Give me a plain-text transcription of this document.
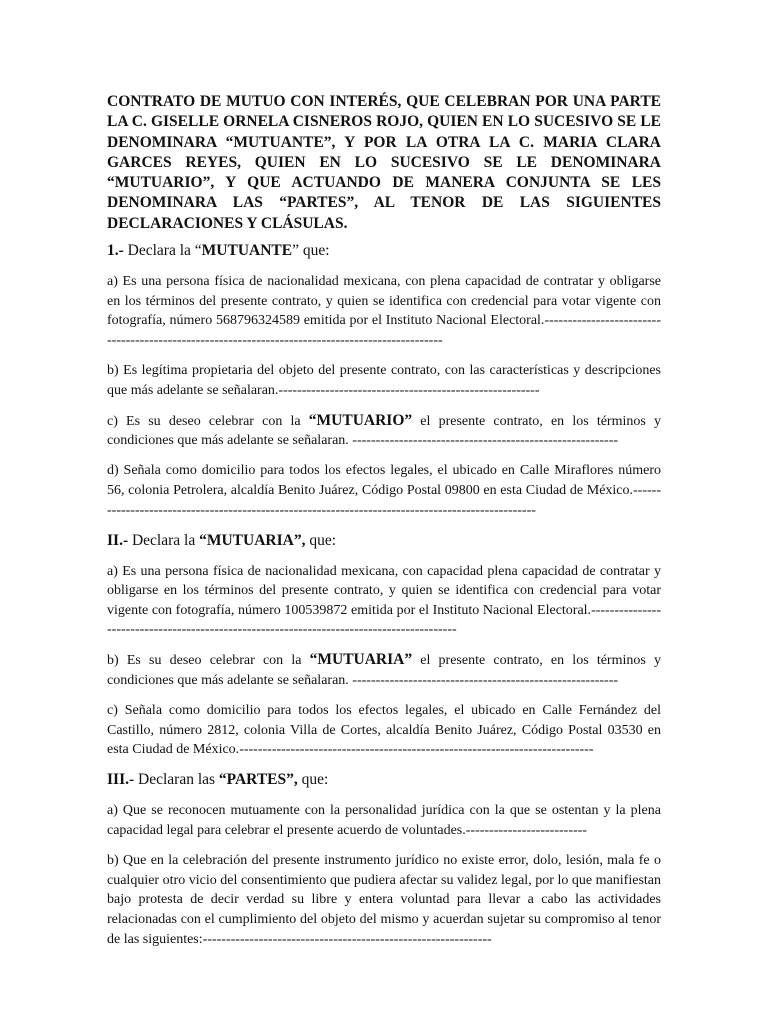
CONTRATO DE MUTUO CON INTERÉS, QUE CELEBRAN POR UNA PARTE LA C. GISELLE ORNELA CISNEROS ROJO, QUIEN EN LO SUCESIVO SE LE DENOMINARA “MUTUANTE”, Y POR LA OTRA LA C. MARIA CLARA GARCES REYES, QUIEN EN LO SUCESIVO SE LE DENOMINARA “MUTUARIO”, Y QUE ACTUANDO DE MANERA CONJUNTA SE LES DENOMINARA LAS “PARTES”, AL TENOR DE LAS SIGUIENTES DECLARACIONES Y CLÁSULAS.

1.- Declara la “MUTUANTE” que:

a) Es una persona física de nacionalidad mexicana, con plena capacidad de contratar y obligarse en los términos del presente contrato, y quien se identifica con credencial para votar vigente con fotografía, número 568796324589 emitida por el Instituto Nacional Electoral.-------------------------------------------------------------------------------------------------

b) Es legítima propietaria del objeto del presente contrato, con las características y descripciones que más adelante se señalaran.--------------------------------------------------------

c) Es su deseo celebrar con la “MUTUARIO” el presente contrato, en los términos y condiciones que más adelante se señalaran. ---------------------------------------------------------

d) Señala como domicilio para todos los efectos legales, el ubicado en Calle Miraflores número 56, colonia Petrolera, alcaldía Benito Juárez, Código Postal 09800 en esta Ciudad de México.--------------------------------------------------------------------------------------------------

II.- Declara la “MUTUARIA”, que:

a) Es una persona física de nacionalidad mexicana, con capacidad plena capacidad de contratar y obligarse en los términos del presente contrato, y quien se identifica con credencial para votar vigente con fotografía, número 100539872 emitida por el Instituto Nacional Electoral.------------------------------------------------------------------------------------------

b) Es su deseo celebrar con la “MUTUARIA” el presente contrato, en los términos y condiciones que más adelante se señalaran. ---------------------------------------------------------

c) Señala como domicilio para todos los efectos legales, el ubicado en Calle Fernández del Castillo, número 2812, colonia Villa de Cortes, alcaldía Benito Juárez, Código Postal 03530 en esta Ciudad de México.----------------------------------------------------------------------------

III.- Declaran las “PARTES”, que:

a) Que se reconocen mutuamente con la personalidad jurídica con la que se ostentan y la plena capacidad legal para celebrar el presente acuerdo de voluntades.--------------------------

b) Que en la celebración del presente instrumento jurídico no existe error, dolo, lesión, mala fe o cualquier otro vicio del consentimiento que pudiera afectar su validez legal, por lo que manifiestan bajo protesta de decir verdad su libre y entera voluntad para llevar a cabo las actividades relacionadas con el cumplimiento del objeto del mismo y acuerdan sujetar su compromiso al tenor de las siguientes:--------------------------------------------------------------
